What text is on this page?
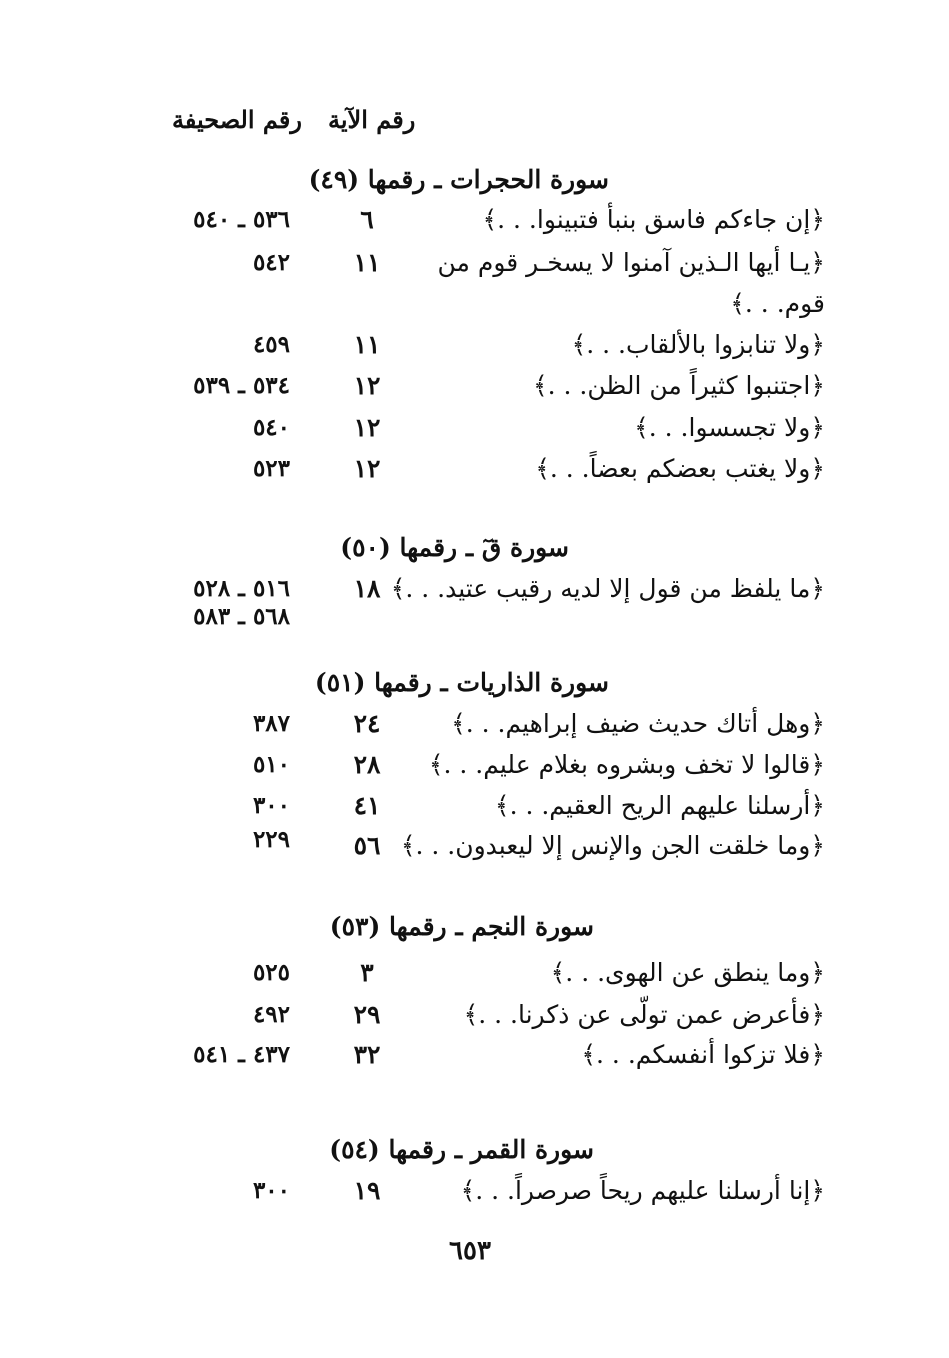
رقم الآية
رقم الصحيفة
سورة الحجرات ـ رقمها (٤٩)
﴿إن جاءكم فاسق بنبأ فتبينوا. . .﴾
٦
٥٣٦ ـ ٥٤٠
﴿يـا أيها الـذين آمنوا لا يسخـر قوم من
١١
٥٤٢
قوم. . .﴾
﴿ولا تنابزوا بالألقاب. . .﴾
١١
٤٥٩
﴿اجتنبوا كثيراً من الظن. . .﴾
١٢
٥٣٤ ـ ٥٣٩
﴿ولا تجسسوا. . .﴾
١٢
٥٤٠
﴿ولا يغتب بعضكم بعضاً. . .﴾
١٢
٥٢٣
سورة قٓ ـ رقمها (٥٠)
﴿ما يلفظ من قول إلا لديه رقيب عتيد. . .﴾
١٨
٥١٦ ـ ٥٢٨
٥٦٨ ـ ٥٨٣
سورة الذاريات ـ رقمها (٥١)
﴿وهل أتاك حديث ضيف إبراهيم. . .﴾
٢٤
٣٨٧
﴿قالوا لا تخف وبشروه بغلام عليم. . .﴾
٢٨
٥١٠
﴿أرسلنا عليهم الريح العقيم. . .﴾
٤١
٣٠٠
﴿وما خلقت الجن والإنس إلا ليعبدون. . .﴾
٥٦
٢٢٩
سورة النجم ـ رقمها (٥٣)
﴿وما ينطق عن الهوى. . .﴾
٣
٥٢٥
﴿فأعرض عمن تولّى عن ذكرنا. . .﴾
٢٩
٤٩٢
﴿فلا تزكوا أنفسكم. . .﴾
٣٢
٤٣٧ ـ ٥٤١
سورة القمر ـ رقمها (٥٤)
﴿إنا أرسلنا عليهم ريحاً صرصراً. . .﴾
١٩
٣٠٠
٦٥٣
